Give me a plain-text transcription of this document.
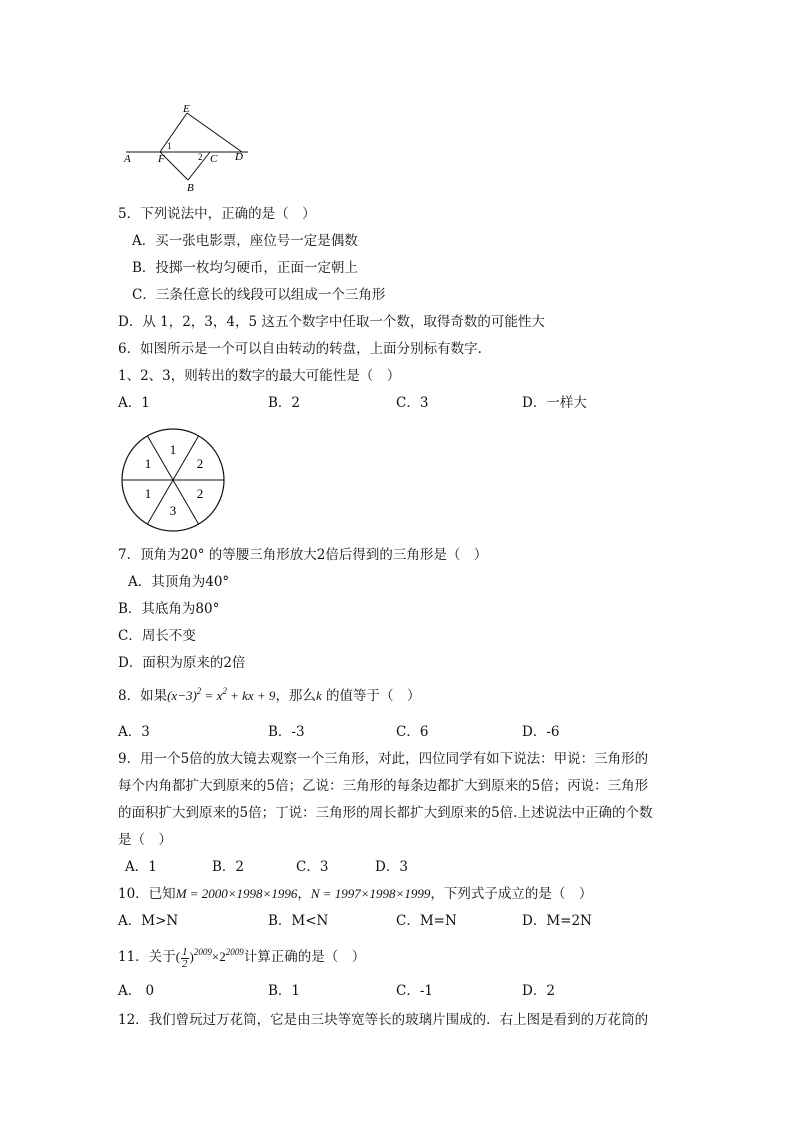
E
A F
1
2 C D
B
5．下列说法中，正确的是（　）
A．买一张电影票，座位号一定是偶数
B．投掷一枚均匀硬币，正面一定朝上
C．三条任意长的线段可以组成一个三角形
D．从 1，2，3，4，5 这五个数字中任取一个数，取得奇数的可能性大
6．如图所示是一个可以自由转动的转盘，上面分别标有数字.
1、2、3，则转出的数字的最大可能性是（　）
A．1	B．2	C．3	D．一样大
1
2
2
3
1
1
7．顶角为20° 的等腰三角形放大2倍后得到的三角形是（　）
A．其顶角为40°
B．其底角为80°
C．周长不变
D．面积为原来的2倍
8．如果$(x-3)^2 = x^2$ + kx + 9，那么k 的值等于（　）
A．3	B．-3	C．6	D．-6
9．用一个5倍的放大镜去观察一个三角形，对此，四位同学有如下说法：甲说：三角形的
每个内角都扩大到原来的5倍；乙说：三角形的每条边都扩大到原来的5倍；丙说：三角形
的面积扩大到原来的5倍；丁说：三角形的周长都扩大到原来的5倍.上述说法中正确的个数
是（　）
A．1	B．2	C．3	D．3
10．已知M = 2000×1998×1996，N = 1997×1998×1999，下列式子成立的是（　）
A．M>N	B．M<N	C．M=N	D．M=2N
11．关于( $\frac{1}{2} )^{2009}\times 2^{2009}$计算正确的是（　）
A． 0	B．1	C．-1	D．2
12．我们曾玩过万花筒，它是由三块等宽等长的玻璃片围成的．右上图是看到的万花筒的
